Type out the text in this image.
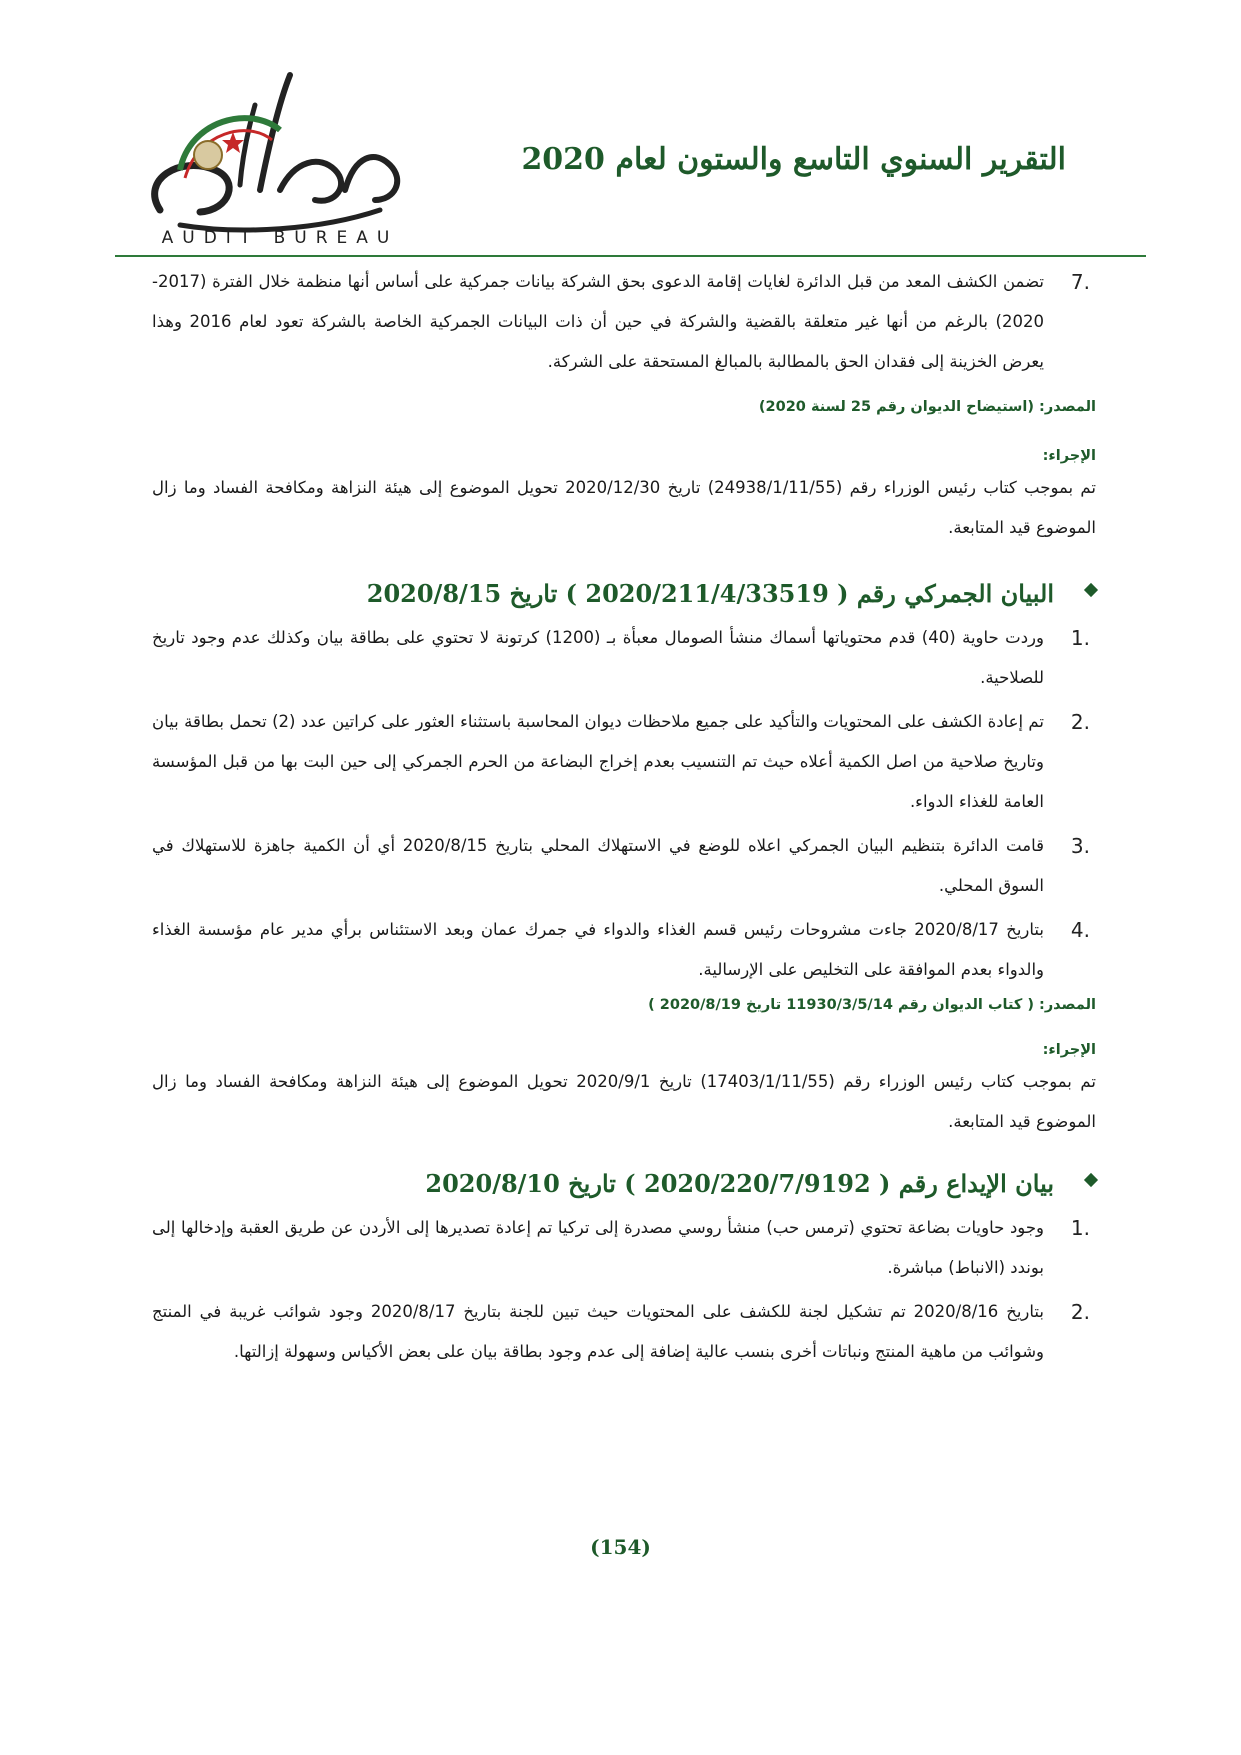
AUDIT BUREAU
التقرير السنوي التاسع والستون لعام 2020
.7

تضمن الكشف المعد من قبل الدائرة لغايات إقامة الدعوى بحق الشركة بيانات جمركية على أساس أنها منظمة خلال الفترة (2017- 2020) بالرغم من أنها غير متعلقة بالقضية والشركة في حين أن ذات البيانات الجمركية الخاصة بالشركة تعود لعام 2016 وهذا يعرض الخزينة إلى فقدان الحق بالمطالبة بالمبالغ المستحقة على الشركة.

المصدر: (استيضاح الديوان رقم 25 لسنة 2020)

الإجراء:

تم بموجب كتاب رئيس الوزراء رقم (24938/1/11/55) تاريخ 2020/12/30 تحويل الموضوع إلى هيئة النزاهة ومكافحة الفساد وما زال الموضوع قيد المتابعة.

البيان الجمركي رقم ( 2020/211/4/33519 ) تاريخ 2020/8/15
.1

وردت حاوية (40) قدم محتوياتها أسماك منشأ الصومال معبأة بـ (1200) كرتونة لا تحتوي على بطاقة بيان وكذلك عدم وجود تاريخ للصلاحية.

.2

تم إعادة الكشف على المحتويات والتأكيد على جميع ملاحظات ديوان المحاسبة باستثناء العثور على كراتين عدد (2) تحمل بطاقة بيان وتاريخ صلاحية من اصل الكمية أعلاه حيث تم التنسيب بعدم إخراج البضاعة من الحرم الجمركي إلى حين البت بها من قبل المؤسسة العامة للغذاء الدواء.

.3

قامت الدائرة بتنظيم البيان الجمركي اعلاه للوضع في الاستهلاك المحلي بتاريخ 2020/8/15 أي أن الكمية جاهزة للاستهلاك في السوق المحلي.

.4

بتاريخ 2020/8/17 جاءت مشروحات رئيس قسم الغذاء والدواء في جمرك عمان وبعد الاستئناس برأي مدير عام مؤسسة الغذاء والدواء بعدم الموافقة على التخليص على الإرسالية.

المصدر: ( كتاب الديوان رقم 11930/3/5/14 تاريخ 2020/8/19 )

الإجراء:

تم بموجب كتاب رئيس الوزراء رقم (17403/1/11/55) تاريخ 2020/9/1 تحويل الموضوع إلى هيئة النزاهة ومكافحة الفساد وما زال الموضوع قيد المتابعة.

بيان الإيداع رقم ( 2020/220/7/9192 ) تاريخ 2020/8/10
.1

وجود حاويات بضاعة تحتوي (ترمس حب) منشأ روسي مصدرة إلى تركيا تم إعادة تصديرها إلى الأردن عن طريق العقبة وإدخالها إلى بوندد (الانباط) مباشرة.

.2

بتاريخ 2020/8/16 تم تشكيل لجنة للكشف على المحتويات حيث تبين للجنة بتاريخ 2020/8/17 وجود شوائب غريبة في المنتج وشوائب من ماهية المنتج ونباتات أخرى بنسب عالية إضافة إلى عدم وجود بطاقة بيان على بعض الأكياس وسهولة إزالتها.

(154)
